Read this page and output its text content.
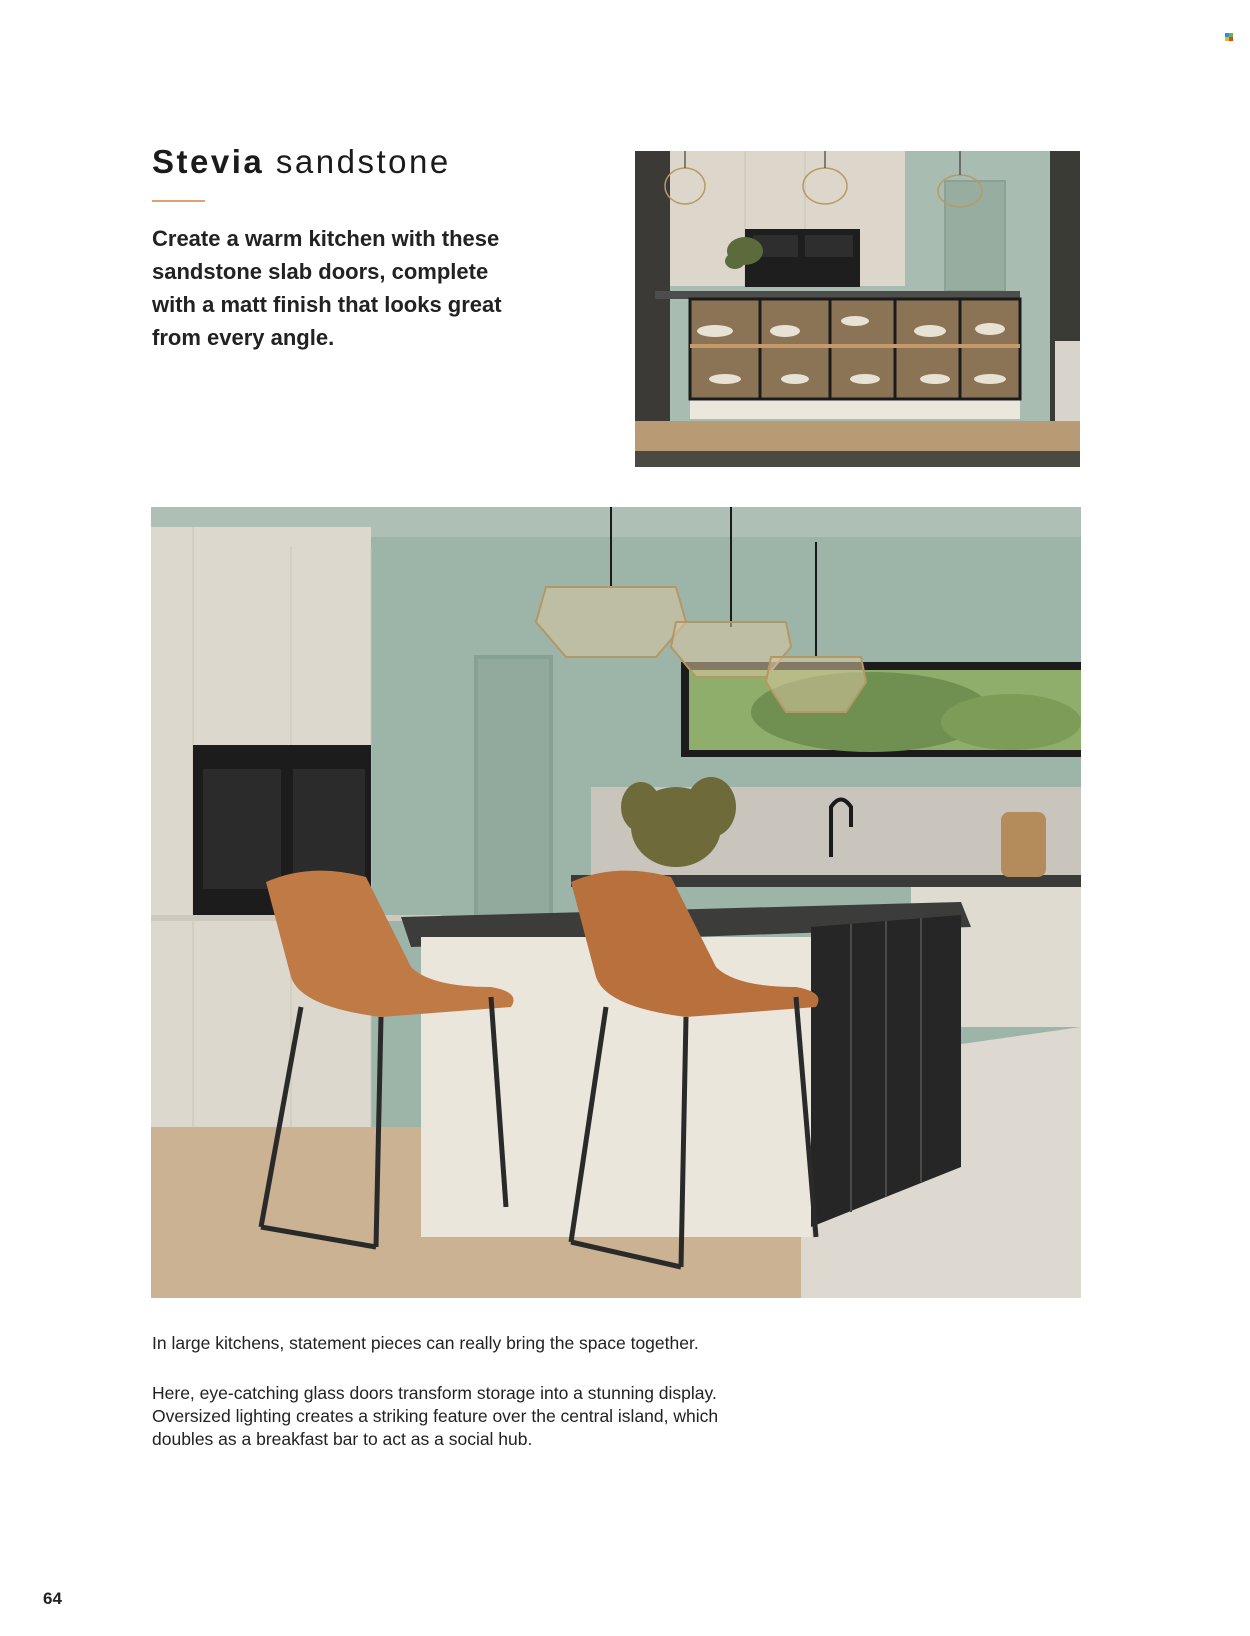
Stevia sandstone

Create a warm kitchen with these sandstone slab doors, complete with a matt finish that looks great from every angle.

In large kitchens, statement pieces can really bring the space together.

Here, eye-catching glass doors transform storage into a stunning display. Oversized lighting creates a striking feature over the central island, which doubles as a breakfast bar to act as a social hub.

64
